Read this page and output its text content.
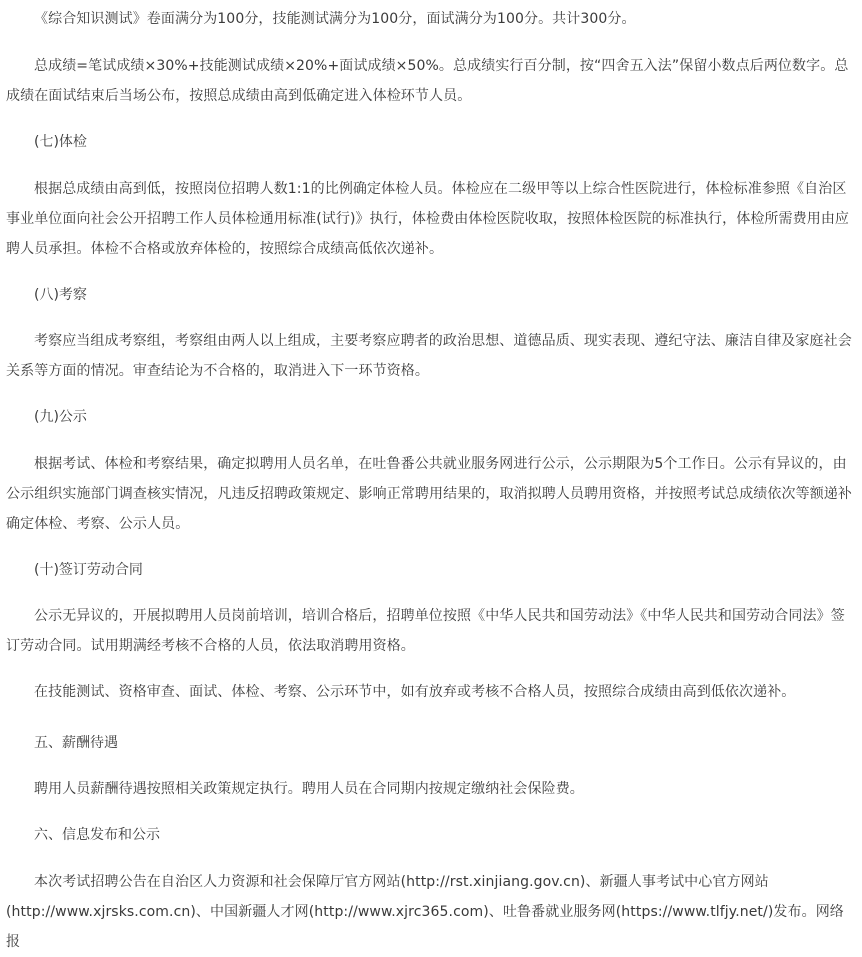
《综合知识测试》卷面满分为100分，技能测试满分为100分，面试满分为100分。共计300分。

总成绩=笔试成绩×30%+技能测试成绩×20%+面试成绩×50%。总成绩实行百分制，按“四舍五入法”保留小数点后两位数字。总成绩在面试结束后当场公布，按照总成绩由高到低确定进入体检环节人员。

(七)体检

根据总成绩由高到低，按照岗位招聘人数1:1的比例确定体检人员。体检应在二级甲等以上综合性医院进行，体检标准参照《自治区事业单位面向社会公开招聘工作人员体检通用标准(试行)》执行，体检费由体检医院收取，按照体检医院的标准执行，体检所需费用由应聘人员承担。体检不合格或放弃体检的，按照综合成绩高低依次递补。

(八)考察

考察应当组成考察组，考察组由两人以上组成，主要考察应聘者的政治思想、道德品质、现实表现、遵纪守法、廉洁自律及家庭社会关系等方面的情况。审查结论为不合格的，取消进入下一环节资格。

(九)公示

根据考试、体检和考察结果，确定拟聘用人员名单，在吐鲁番公共就业服务网进行公示，公示期限为5个工作日。公示有异议的，由公示组织实施部门调查核实情况，凡违反招聘政策规定、影响正常聘用结果的，取消拟聘人员聘用资格，并按照考试总成绩依次等额递补确定体检、考察、公示人员。

(十)签订劳动合同

公示无异议的，开展拟聘用人员岗前培训，培训合格后，招聘单位按照《中华人民共和国劳动法》《中华人民共和国劳动合同法》签订劳动合同。试用期满经考核不合格的人员，依法取消聘用资格。

在技能测试、资格审查、面试、体检、考察、公示环节中，如有放弃或考核不合格人员，按照综合成绩由高到低依次递补。

五、薪酬待遇

聘用人员薪酬待遇按照相关政策规定执行。聘用人员在合同期内按规定缴纳社会保险费。

六、信息发布和公示

本次考试招聘公告在自治区人力资源和社会保障厅官方网站(http://rst.xinjiang.gov.cn)、新疆人事考试中心官方网站(http://www.xjrsks.com.cn)、中国新疆人才网(http://www.xjrc365.com)、吐鲁番就业服务网(https://www.tlfjy.net/)发布。网络报
